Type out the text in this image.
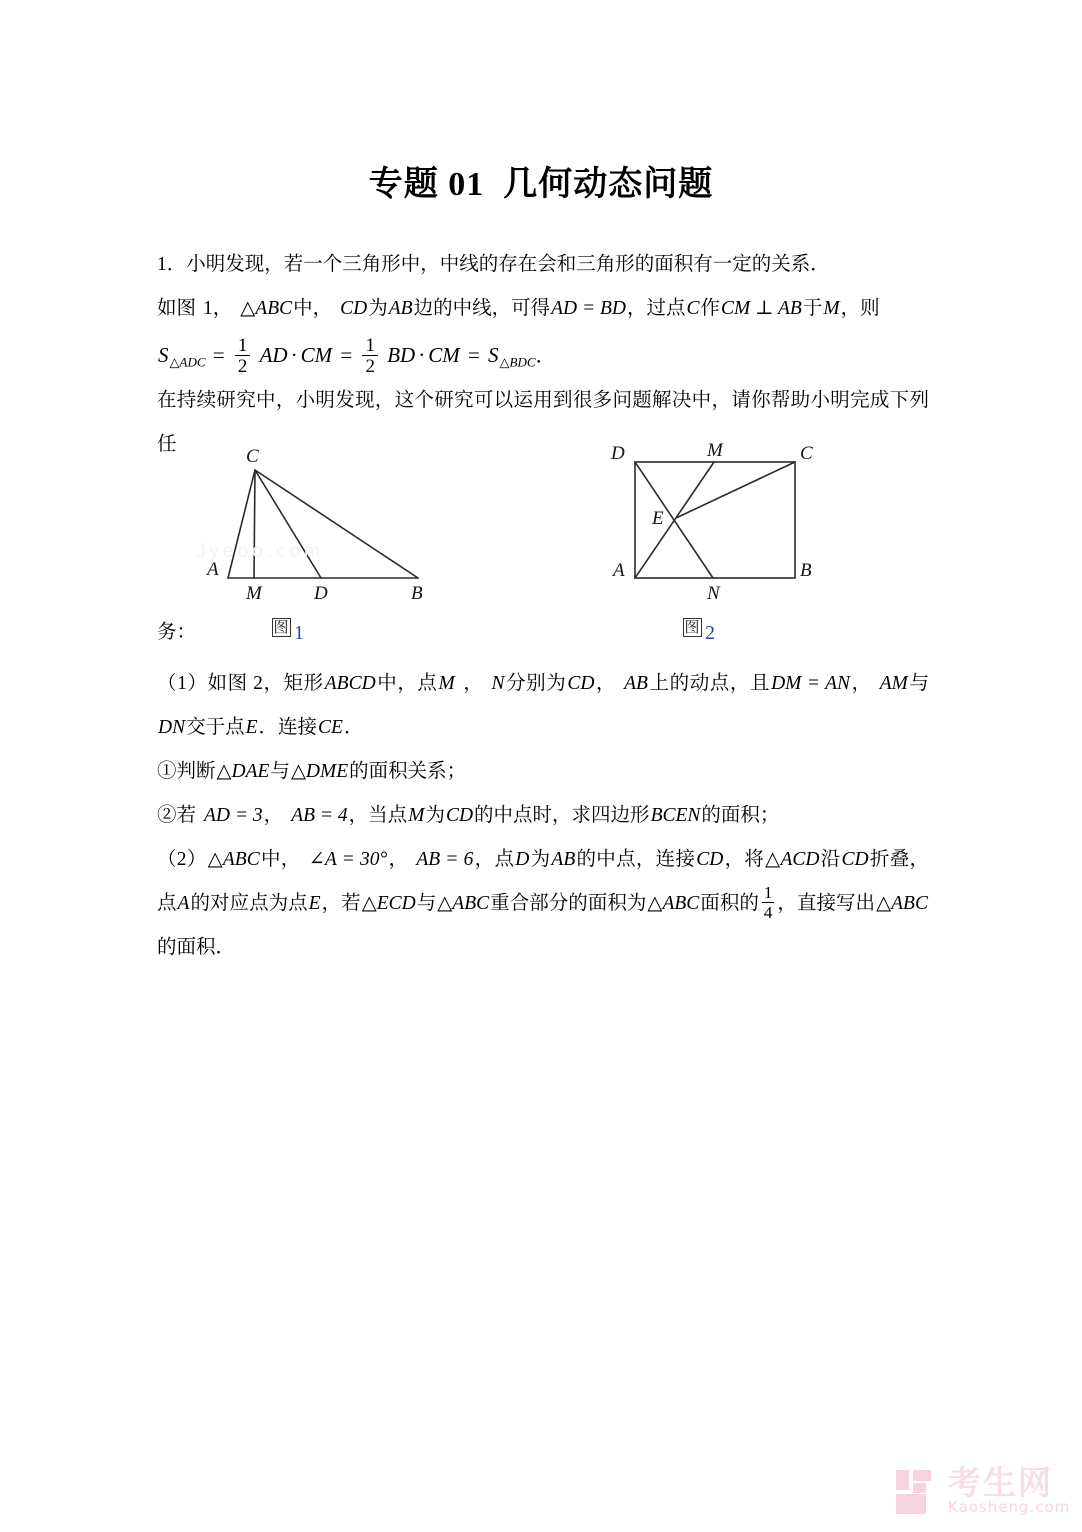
专题 01  几何动态问题
1．小明发现，若一个三角形中，中线的存在会和三角形的面积有一定的关系．
如图 1， △ABC中， CD为AB边的中线，可得AD = BD，过点C作CM ⊥ AB于M，则
在持续研究中，小明发现，这个研究可以运用到很多问题解决中，请你帮助小明完成下列任
S△ADC = $\frac{1}{2}$ AD · CM = $\frac{1}{2}$ BD · CM = S△BDC．
C
A
M	D	B
D	M	C
E
A
N
B
Jyeoo.com
务：	图 1	图 2
（1）如图 2，矩形ABCD中，点M ， N分别为CD， AB上的动点，且DM = AN， AM与DN交于点E．连接CE．
①判断△DAE与△DME的面积关系；
②若 AD = 3， AB = 4，当点M为CD的中点时，求四边形BCEN的面积；
（2）△ABC中， ∠A = 30°， AB = 6，点D为AB的中点，连接CD，将△ACD沿CD折叠，点A的对应点为点E，若△ECD与△ABC重合部分的面积为△ABC面积的 $\frac{1}{4}$ ，直接写出△ABC的面积．
考生网
Kaosheng.com
